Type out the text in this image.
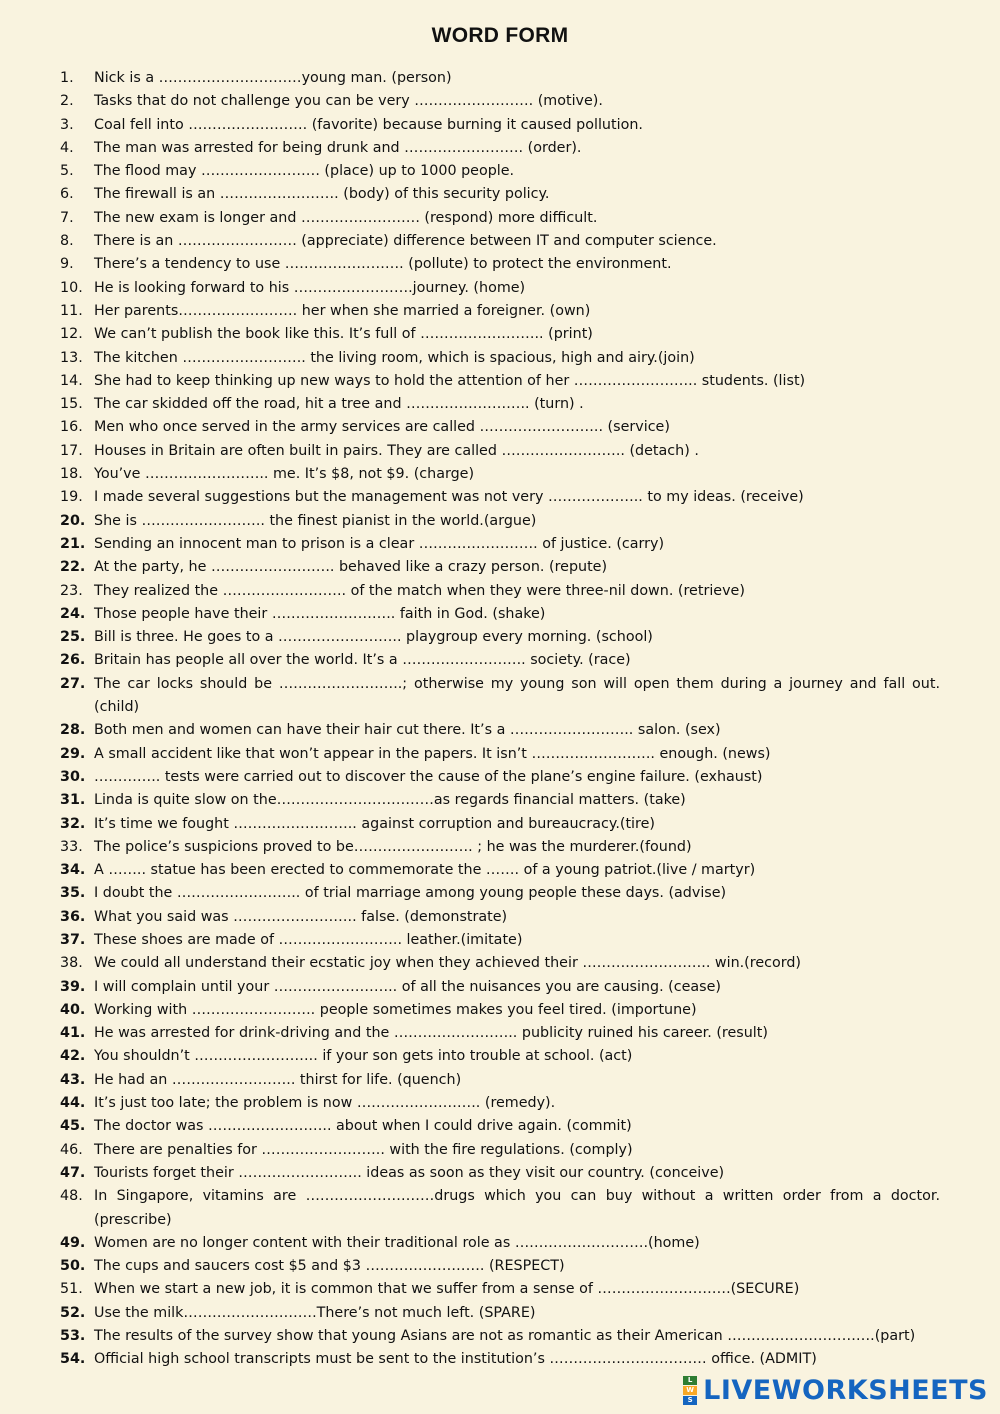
WORD FORM
1.	Nick is a …………………………young man. (person)
2.	Tasks that do not challenge you can be very ……………………. (motive).
3.	Coal fell into ……………………. (favorite) because burning it caused pollution.
4.	The man was arrested for being drunk and ……………………. (order).
5.	The flood may ……………………. (place) up to 1000 people.
6.	The firewall is an ……………………. (body) of this security policy.
7.	The new exam is longer and ……………………. (respond) more difficult.
8.	There is an ……………………. (appreciate) difference between IT and computer science.
9.	There’s a tendency to use ……………………. (pollute) to protect the environment.
10. He is looking forward to his …………………….journey. (home)
11. Her parents……………………. her when she married a foreigner. (own)
12. We can’t publish the book like this. It’s full of …………………….. (print)
13. The kitchen …………………….. the living room, which is spacious, high and airy.(join)
14. She had to keep thinking up new ways to hold the attention of her …………………….. students. (list)
15. The car skidded off the road, hit a tree and …………………….. (turn) .
16. Men who once served in the army services are called …………………….. (service)
17. Houses in Britain are often built in pairs. They are called …………………….. (detach) .
18. You’ve …………………….. me. It’s $8, not $9. (charge)
19. I made several suggestions but the management was not very ……………….. to my ideas. (receive)
20. She is …………………….. the finest pianist in the world.(argue)
21. Sending an innocent man to prison is a clear ……………………. of justice. (carry)
22. At the party, he …………………….. behaved like a crazy person. (repute)
23. They realized the …………………….. of the match when they were three-nil down. (retrieve)
24. Those people have their …………………….. faith in God. (shake)
25. Bill is three. He goes to a …………………….. playgroup every morning. (school)
26. Britain has people all over the world. It’s a …………………….. society. (race)
27. The car locks should be ……………………..; otherwise my young son will open them during a journey and fall out. (child)
28. Both men and women can have their hair cut there. It’s a …………………….. salon. (sex)
29. A small accident like that won’t appear in the papers. It isn’t …………………….. enough. (news)
30. ………….. tests were carried out to discover the cause of the plane’s engine failure. (exhaust)
31. Linda is quite slow on the……………………………as regards financial matters. (take)
32. It’s time we fought …………………….. against corruption and bureaucracy.(tire)
33. The police’s suspicions proved to be……………………. ; he was the murderer.(found)
34. A …….. statue has been erected to commemorate the ……. of a young patriot.(live / martyr)
35. I doubt the …………………….. of trial marriage among young people these days. (advise)
36. What you said was …………………….. false. (demonstrate)
37. These shoes are made of …………………….. leather.(imitate)
38. We could all understand their ecstatic joy when they achieved their ……….…………….. win.(record)
39. I will complain until your …………………….. of all the nuisances you are causing. (cease)
40. Working with …………………….. people sometimes makes you feel tired. (importune)
41. He was arrested for drink-driving and the …………………….. publicity ruined his career. (result)
42. You shouldn’t …………………….. if your son gets into trouble at school. (act)
43. He had an …………………….. thirst for life. (quench)
44. It’s just too late; the problem is now …………………….. (remedy).
45. The doctor was …………………….. about when I could drive again. (commit)
46. There are penalties for …………………….. with the fire regulations. (comply)
47. Tourists forget their …………………….. ideas as soon as they visit our country. (conceive)
48. In Singapore, vitamins are ………………………drugs which you can buy without a written order from a doctor. (prescribe)
49. Women are no longer content with their traditional role as ……………………….(home)
50. The cups and saucers cost $5 and $3 ……………………. (RESPECT)
51. When we start a new job, it is common that we suffer from a sense of ……………………….(SECURE)
52. Use the milk……………………….There’s not much left. (SPARE)
53. The results of the survey show that young Asians are not as romantic as their American ………………………….(part)
54. Official high school transcripts must be sent to the institution’s …………………………… office. (ADMIT)
L
W
S LIVEWORKSHEETS
